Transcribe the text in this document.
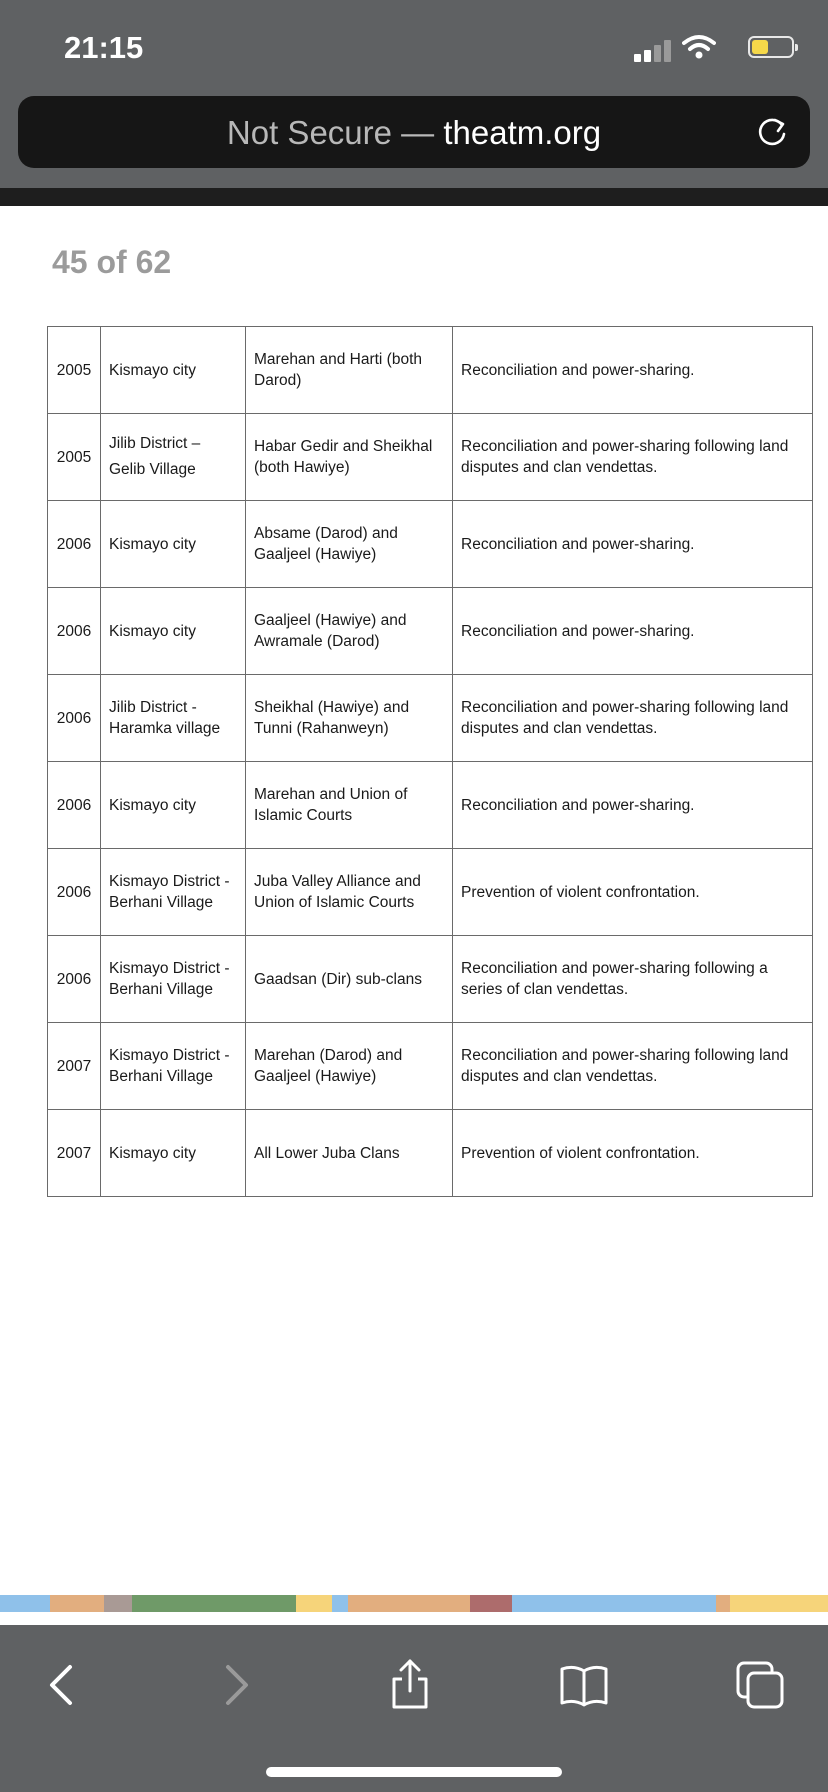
21:15
Not Secure — theatm.org
45 of 62
2005	Kismayo city	Marehan and Harti (both Darod)	Reconciliation and power-sharing.
2005	Jilib District – Gelib Village	Habar Gedir and Sheikhal (both Hawiye)	Reconciliation and power-sharing following land disputes and clan vendettas.
2006	Kismayo city	Absame (Darod) and Gaaljeel (Hawiye)	Reconciliation and power-sharing.
2006	Kismayo city	Gaaljeel (Hawiye) and Awramale (Darod)	Reconciliation and power-sharing.
2006	Jilib District - Haramka village	Sheikhal (Hawiye) and Tunni (Rahanweyn)	Reconciliation and power-sharing following land disputes and clan vendettas.
2006	Kismayo city	Marehan and Union of Islamic Courts	Reconciliation and power-sharing.
2006	Kismayo District - Berhani Village	Juba Valley Alliance and Union of Islamic Courts	Prevention of violent confrontation.
2006	Kismayo District - Berhani Village	Gaadsan (Dir) sub-clans	Reconciliation and power-sharing following a series of clan vendettas.
2007	Kismayo District - Berhani Village	Marehan (Darod) and Gaaljeel (Hawiye)	Reconciliation and power-sharing following land disputes and clan vendettas.
2007	Kismayo city	All Lower Juba Clans	Prevention of violent confrontation.
